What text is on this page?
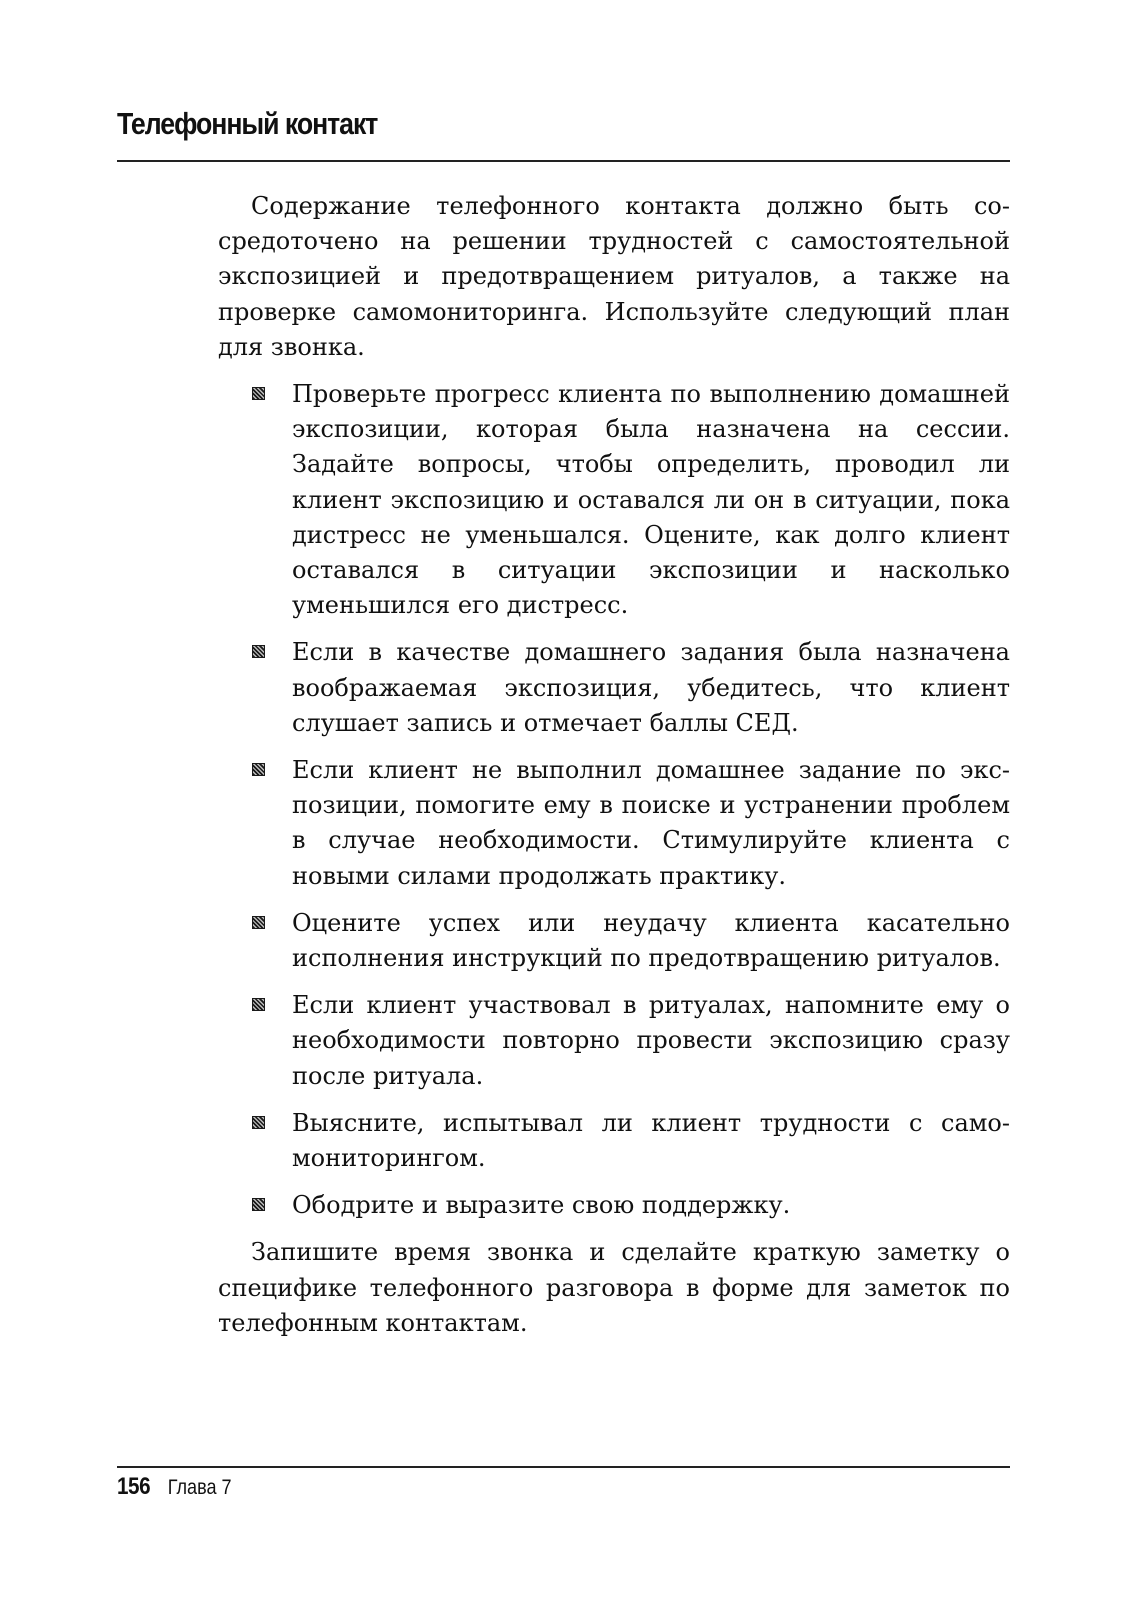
Телефонный контакт

Содержание телефонного контакта должно быть сосредоточено на решении трудностей с самостоятельной экспозицией и предотвращением ритуалов, а также на проверке самомониторинга. Используйте следующий план для звонка.

Проверьте прогресс клиента по выполнению домашней экспозиции, которая была назначена на сессии. Задайте вопросы, чтобы определить, проводил ли клиент экспозицию и оставался ли он в ситуации, пока дистресс не уменьшался. Оцените, как долго клиент оставался в ситуации экспозиции и насколько уменьшился его дистресс.
Если в качестве домашнего задания была назначена воображаемая экспозиция, убедитесь, что клиент слушает запись и отмечает баллы СЕД.
Если клиент не выполнил домашнее задание по экспозиции, помогите ему в поиске и устранении проблем в случае необходимости. Стимулируйте клиента с новыми силами продолжать практику.
Оцените успех или неудачу клиента касательно исполнения инструкций по предотвращению ритуалов.
Если клиент участвовал в ритуалах, напомните ему о необходимости повторно провести экспозицию сразу после ритуала.
Выясните, испытывал ли клиент трудности с самомониторингом.
Ободрите и выразите свою поддержку.

Запишите время звонка и сделайте краткую заметку о специфике телефонного разговора в форме для заметок по телефонным контактам.

156 Глава 7
